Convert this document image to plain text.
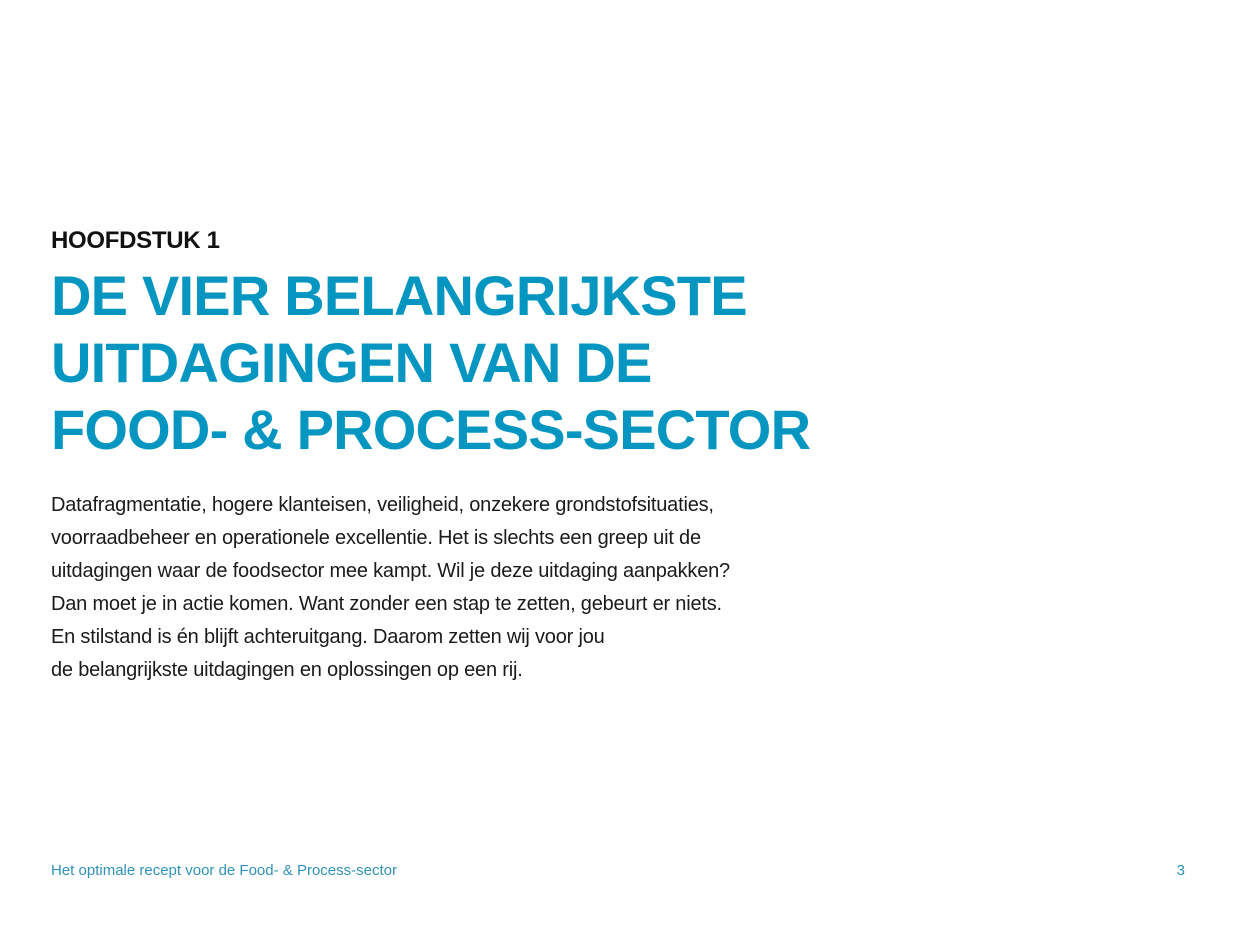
HOOFDSTUK 1
DE VIER BELANGRIJKSTE
UITDAGINGEN VAN DE
FOOD- & PROCESS-SECTOR

Datafragmentatie, hogere klanteisen, veiligheid, onzekere grondstofsituaties,
voorraadbeheer en operationele excellentie. Het is slechts een greep uit de
uitdagingen waar de foodsector mee kampt. Wil je deze uitdaging aanpakken?
Dan moet je in actie komen. Want zonder een stap te zetten, gebeurt er niets.
En stilstand is én blijft achteruitgang. Daarom zetten wij voor jou
de belangrijkste uitdagingen en oplossingen op een rij.

Het optimale recept voor de Food- & Process-sector	3
